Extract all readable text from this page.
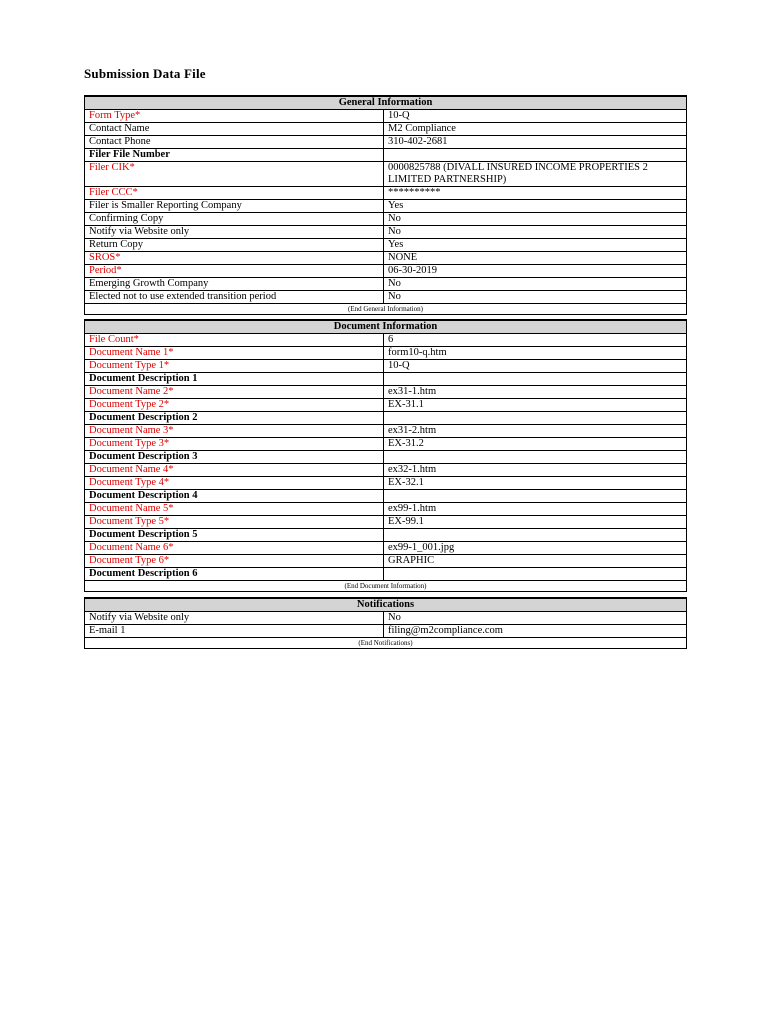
Submission Data File
General Information	
Form Type*	10-Q
Contact Name	M2 Compliance
Contact Phone	310-402-2681
Filer File Number	
Filer CIK*	0000825788 (DIVALL INSURED INCOME PROPERTIES 2 LIMITED PARTNERSHIP)
Filer CCC*	**********
Filer is Smaller Reporting Company	Yes
Confirming Copy	No
Notify via Website only	No
Return Copy	Yes
SROS*	NONE
Period*	06-30-2019
Emerging Growth Company	No
Elected not to use extended transition period	No
(End General Information)	
Document Information	
File Count*	6
Document Name 1*	form10-q.htm
Document Type 1*	10-Q
Document Description 1	
Document Name 2*	ex31-1.htm
Document Type 2*	EX-31.1
Document Description 2	
Document Name 3*	ex31-2.htm
Document Type 3*	EX-31.2
Document Description 3	
Document Name 4*	ex32-1.htm
Document Type 4*	EX-32.1
Document Description 4	
Document Name 5*	ex99-1.htm
Document Type 5*	EX-99.1
Document Description 5	
Document Name 6*	ex99-1_001.jpg
Document Type 6*	GRAPHIC
Document Description 6	
(End Document Information)	
Notifications	
Notify via Website only	No
E-mail 1	filing@m2compliance.com
(End Notifications)	
